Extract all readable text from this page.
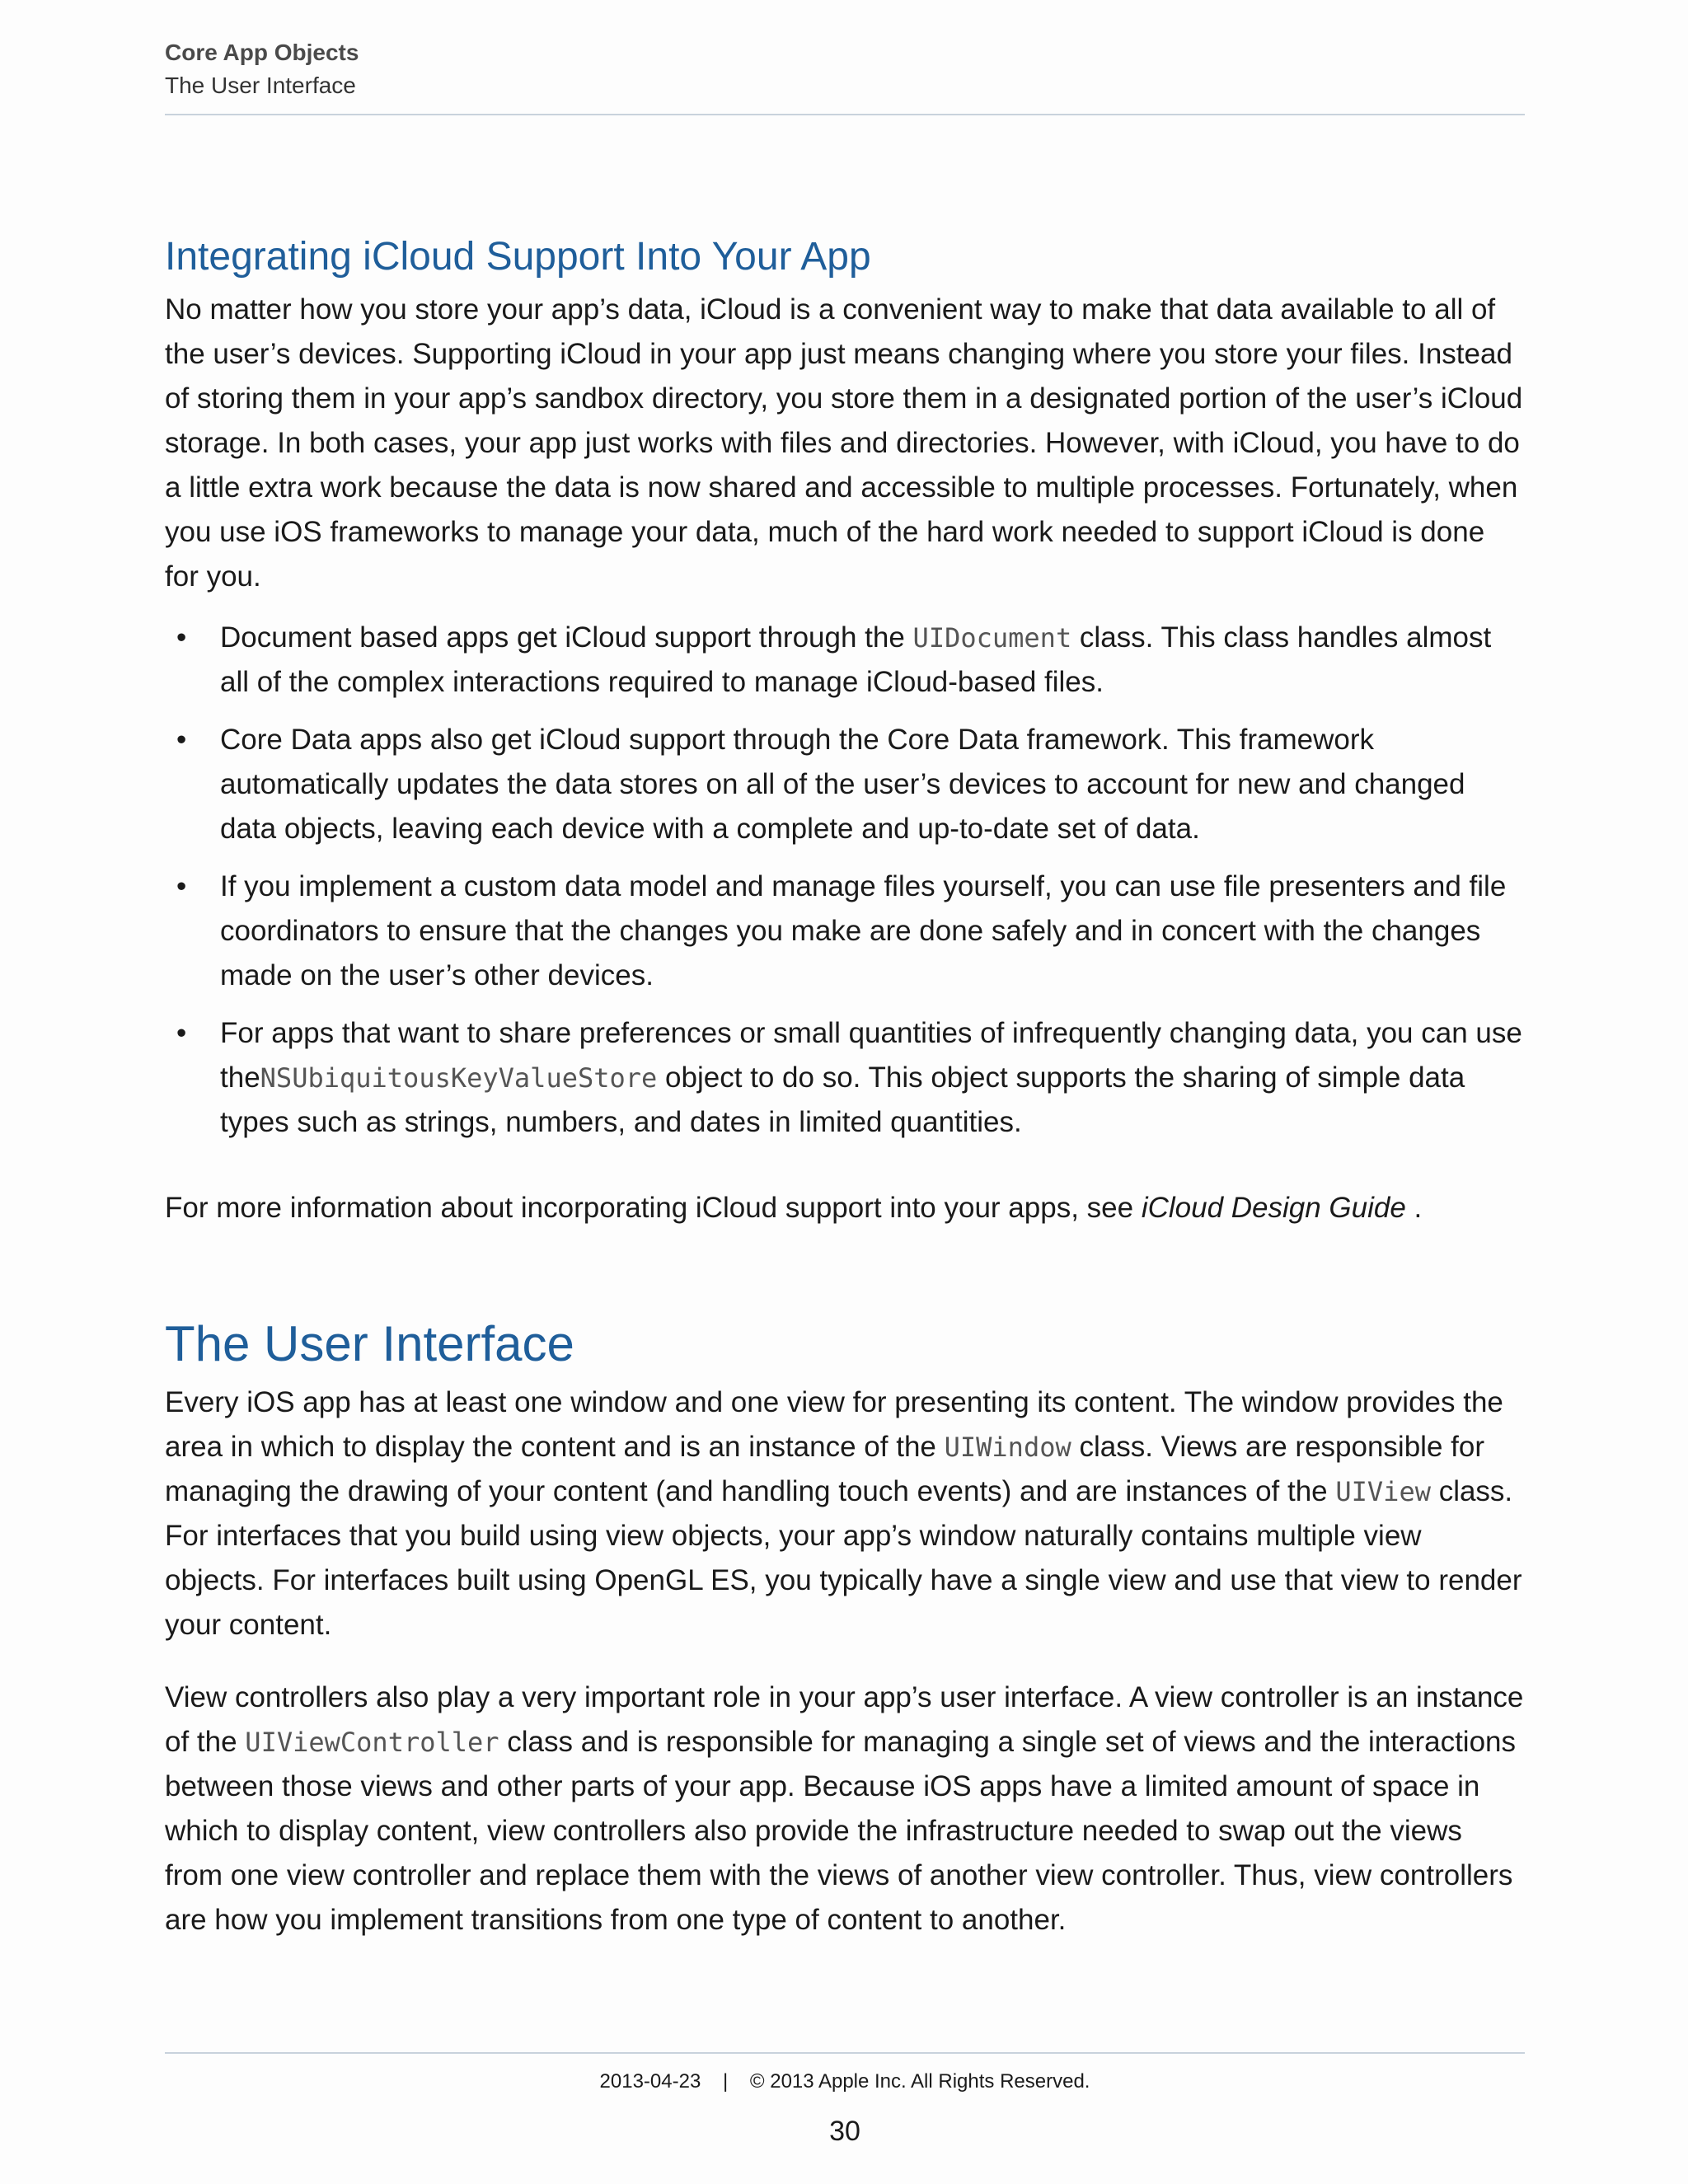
Core App Objects
The User Interface
Integrating iCloud Support Into Your App

No matter how you store your app’s data, iCloud is a convenient way to make that data available to all of the user’s devices. Supporting iCloud in your app just means changing where you store your files. Instead of storing them in your app’s sandbox directory, you store them in a designated portion of the user’s iCloud storage. In both cases, your app just works with files and directories. However, with iCloud, you have to do a little extra work because the data is now shared and accessible to multiple processes. Fortunately, when you use iOS frameworks to manage your data, much of the hard work needed to support iCloud is done for you.

• Document based apps get iCloud support through the UIDocument class. This class handles almost all of the complex interactions required to manage iCloud-based files.
• Core Data apps also get iCloud support through the Core Data framework. This framework automatically updates the data stores on all of the user’s devices to account for new and changed data objects, leaving each device with a complete and up-to-date set of data.
• If you implement a custom data model and manage files yourself, you can use file presenters and file coordinators to ensure that the changes you make are done safely and in concert with the changes made on the user’s other devices.
• For apps that want to share preferences or small quantities of infrequently changing data, you can use theNSUbiquitousKeyValueStore object to do so. This object supports the sharing of simple data types such as strings, numbers, and dates in limited quantities.

For more information about incorporating iCloud support into your apps, see iCloud Design Guide .

The User Interface

Every iOS app has at least one window and one view for presenting its content. The window provides the area in which to display the content and is an instance of the UIWindow class. Views are responsible for managing the drawing of your content (and handling touch events) and are instances of the UIView class. For interfaces that you build using view objects, your app’s window naturally contains multiple view objects. For interfaces built using OpenGL ES, you typically have a single view and use that view to render your content.

View controllers also play a very important role in your app’s user interface. A view controller is an instance of the UIViewController class and is responsible for managing a single set of views and the interactions between those views and other parts of your app. Because iOS apps have a limited amount of space in which to display content, view controllers also provide the infrastructure needed to swap out the views from one view controller and replace them with the views of another view controller. Thus, view controllers are how you implement transitions from one type of content to another.

2013-04-23 | © 2013 Apple Inc. All Rights Reserved.
30
